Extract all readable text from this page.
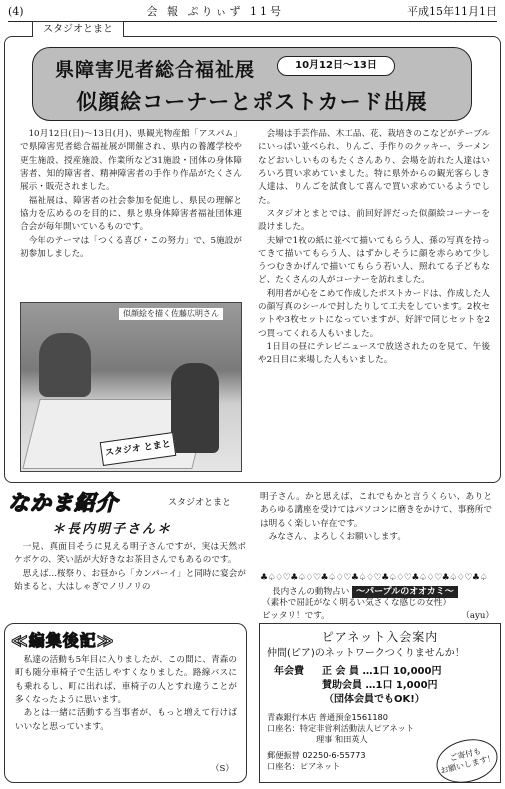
(4)	会 報 ぷりぃず 11号	平成15年11月1日
スタジオとまと
県障害児者総合福祉展	10月12日～13日
似顔絵コーナーとポストカード出展

10月12日(日)～13日(月)、県観光物産館「アスパム」で県障害児者総合福祉展が開催され、県内の養護学校や更生施設、授産施設、作業所など31施設・団体の身体障害者、知的障害者、精神障害者の手作り作品がたくさん展示・販売されました。

福祉展は、障害者の社会参加を促進し、県民の理解と協力を広めるのを目的に、県と県身体障害者福祉団体連合会が毎年開いているものです。

今年のテーマは「つくる喜び・この努力」で、5施設が初参加しました。

スタジオ とまと
似顔絵を描く佐藤広明さん

会場は手芸作品、木工品、花、栽培きのこなどがテーブルにいっぱい並べられ、りんご、手作りのクッキー、ラーメンなどおいしいものもたくさんあり、会場を訪れた人達はいろいろ買い求めていました。特に県外からの観光客らしき人達は、りんごを試食して喜んで買い求めているようでした。

スタジオとまとでは、前回好評だった似顔絵コーナーを設けました。

夫婦で1枚の紙に並べて描いてもらう人、孫の写真を持ってきて描いてもらう人、はずかしそうに顔を赤らめて少しうつむきかげんで描いてもらう若い人、照れてる子どもなど、たくさんの人がコーナーを訪れました。

利用者が心をこめて作成したポストカードは、作成した人の顔写真のシールで封したりして工夫をしています。2枚セットや3枚セットになっていますが、好評で同じセットを2つ買ってくれる人もいました。

1日目の昼にテレビニュースで放送されたのを見て、午後や2日目に来場した人もいました。

なかま紹介	スタジオとまと
＊長内明子さん＊

一見、真面目そうに見える明子さんですが、実は天然ボケボケの、笑い話が大好きなお茶目さんでもあるのです。

思えば…桜祭り、お昼から「カンパーイ」と同時に宴会が始まると、大はしゃぎでノリノリの

明子さん。かと思えば、これでもかと言うくらい、ありとあらゆる講座を受けてはパソコンに磨きをかけて、事務所では明るく楽しい存在です。

みなさん、よろしくお願いします。

♣♤♢♡♣♤♢♡♣♤♢♡♣♤♢♡♣♤♢♡♣♤♢♡♣♤♢♡♣♤
長内さんの動物占い ～パープルのオオカミ～
（素朴で屈託がなく明るい気さくな感じの女性）
ピッタリ！です。	（ayu）
≪編集後記≫

私達の活動も5年目に入りましたが、この間に、青森の町も随分車椅子で生活しやすくなりました。路線バスにも乗れるし、町に出れば、車椅子の人とすれ違うことが多くなったように思います。

あとは一緒に活動する当事者が、もっと増えて行けばいいなと思っています。

（S）
ピアネット入会案内
仲間(ピア)のネットワークつくりませんか！
年会費 正 会 員 …1口 10,000円
賛助会員 …1口 1,000円
（団体会員でもOK!）
青森銀行本店 普通預金1561180
口座名：特定非営利活動法人ピアネット
理事 和田英人
郵便振替 02250-6-55773
口座名：ピアネット
ご寄付も
お願いします！
